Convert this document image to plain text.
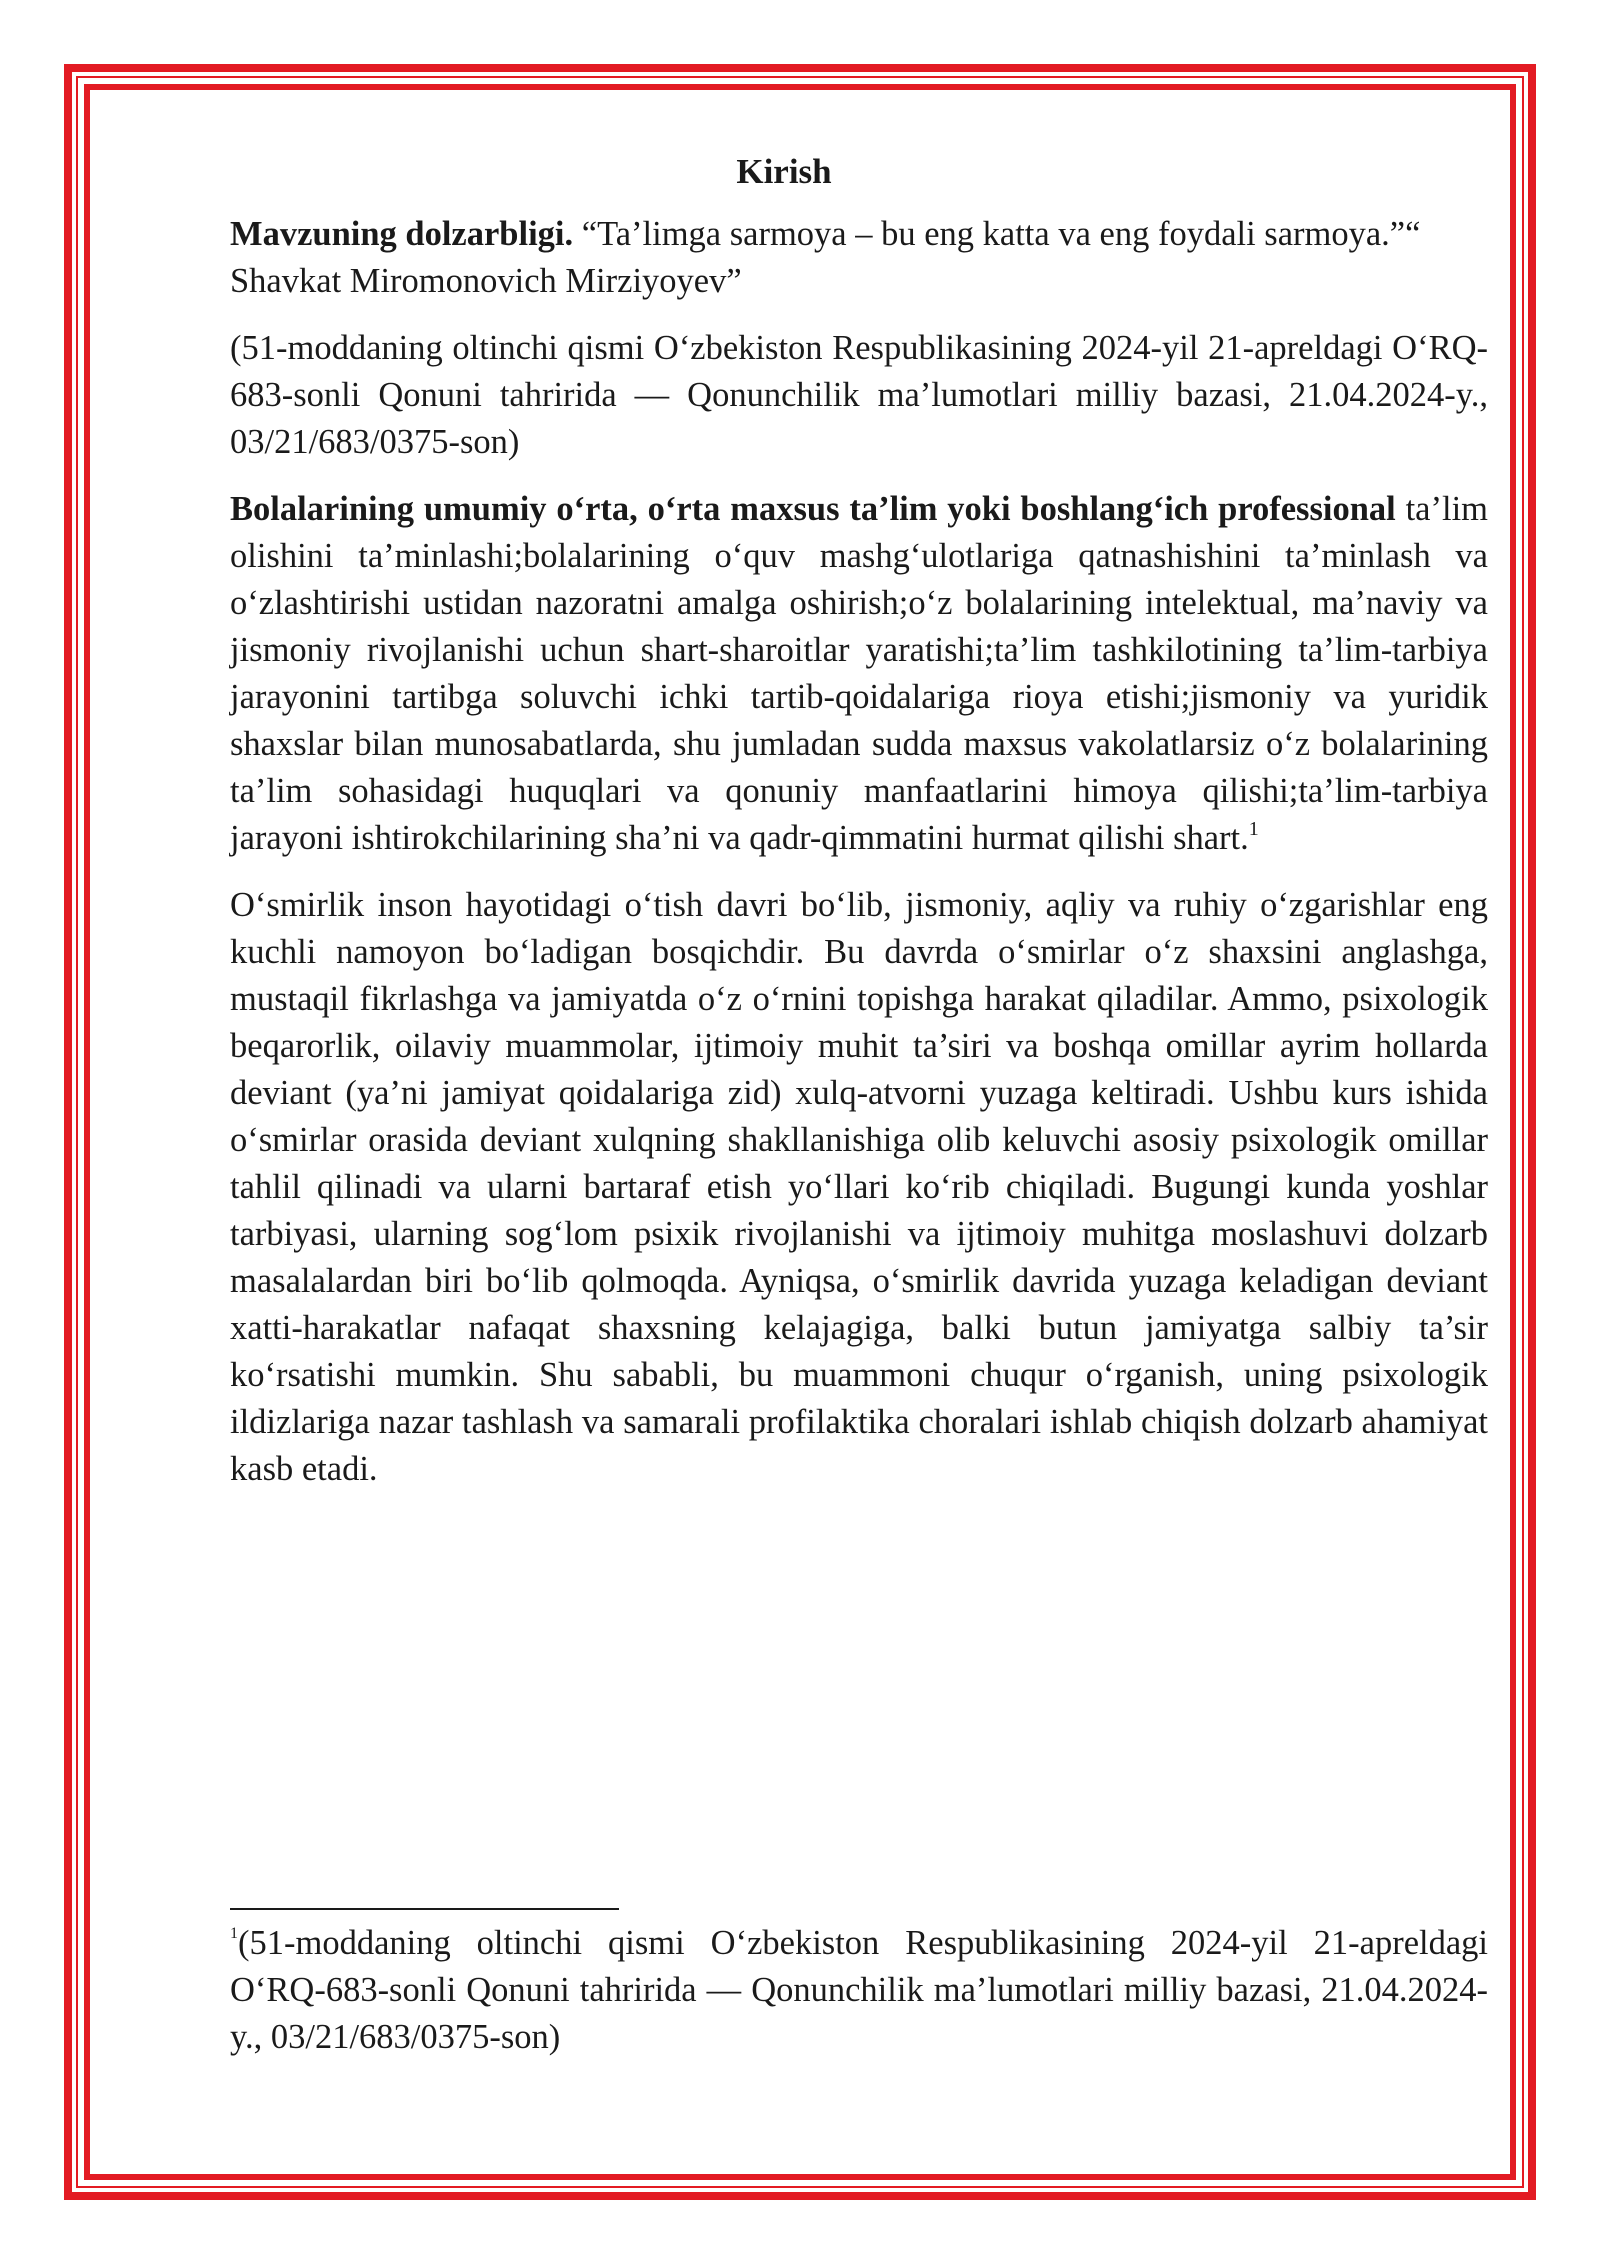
Kirish

Mavzuning dolzarbligi. “Ta’limga sarmoya – bu eng katta va eng foydali sarmoya.”“ Shavkat Miromonovich Mirziyoyev”

(51-moddaning oltinchi qismi Oʻzbekiston Respublikasining 2024-yil 21-apreldagi OʻRQ-683-sonli Qonuni tahririda — Qonunchilik ma’lumotlari milliy bazasi, 21.04.2024-y., 03/21/683/0375-son)

Bolalarining umumiy oʻrta, oʻrta maxsus ta’lim yoki boshlangʻich professional ta’lim olishini ta’minlashi;bolalarining oʻquv mashgʻulotlariga qatnashishini ta’minlash va oʻzlashtirishi ustidan nazoratni amalga oshirish;oʻz bolalarining intelektual, ma’naviy va jismoniy rivojlanishi uchun shart-sharoitlar yaratishi;ta’lim tashkilotining ta’lim-tarbiya jarayonini tartibga soluvchi ichki tartib-qoidalariga rioya etishi;jismoniy va yuridik shaxslar bilan munosabatlarda, shu jumladan sudda maxsus vakolatlarsiz oʻz bolalarining ta’lim sohasidagi huquqlari va qonuniy manfaatlarini himoya qilishi;ta’lim-tarbiya jarayoni ishtirokchilarining sha’ni va qadr-qimmatini hurmat qilishi shart.$^1$

Oʻsmirlik inson hayotidagi oʻtish davri boʻlib, jismoniy, aqliy va ruhiy oʻzgarishlar eng kuchli namoyon boʻladigan bosqichdir. Bu davrda oʻsmirlar oʻz shaxsini anglashga, mustaqil fikrlashga va jamiyatda oʻz oʻrnini topishga harakat qiladilar. Ammo, psixologik beqarorlik, oilaviy muammolar, ijtimoiy muhit ta’siri va boshqa omillar ayrim hollarda deviant (ya’ni jamiyat qoidalariga zid) xulq-atvorni yuzaga keltiradi. Ushbu kurs ishida oʻsmirlar orasida deviant xulqning shakllanishiga olib keluvchi asosiy psixologik omillar tahlil qilinadi va ularni bartaraf etish yoʻllari koʻrib chiqiladi. Bugungi kunda yoshlar tarbiyasi, ularning sogʻlom psixik rivojlanishi va ijtimoiy muhitga moslashuvi dolzarb masalalardan biri boʻlib qolmoqda. Ayniqsa, oʻsmirlik davrida yuzaga keladigan deviant xatti-harakatlar nafaqat shaxsning kelajagiga, balki butun jamiyatga salbiy ta’sir koʻrsatishi mumkin. Shu sababli, bu muammoni chuqur oʻrganish, uning psixologik ildizlariga nazar tashlash va samarali profilaktika choralari ishlab chiqish dolzarb ahamiyat kasb etadi.

$^1$(51-moddaning oltinchi qismi Oʻzbekiston Respublikasining 2024-yil 21-apreldagi OʻRQ-683-sonli Qonuni tahririda — Qonunchilik ma’lumotlari milliy bazasi, 21.04.2024-y., 03/21/683/0375-son)
